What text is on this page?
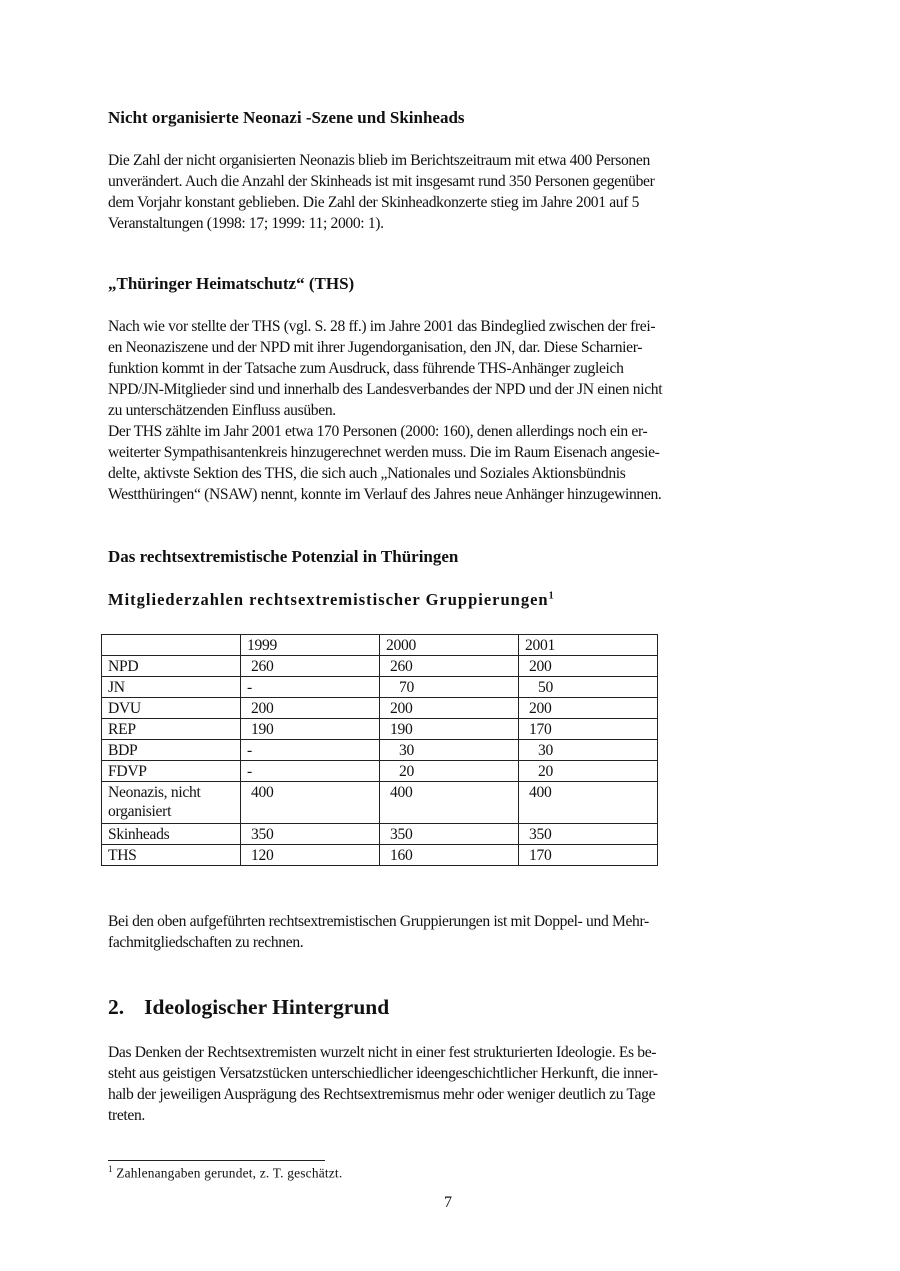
Nicht organisierte Neonazi -Szene und Skinheads
Die Zahl der nicht organisierten Neonazis blieb im Berichtszeitraum mit etwa 400 Personen
unverändert. Auch die Anzahl der Skinheads ist mit insgesamt rund 350 Personen gegenüber
dem Vorjahr konstant geblieben. Die Zahl der Skinheadkonzerte stieg im Jahre 2001 auf 5
Veranstaltungen (1998: 17; 1999: 11; 2000: 1).
„Thüringer Heimatschutz“ (THS)
Nach wie vor stellte der THS (vgl. S. 28 ff.) im Jahre 2001 das Bindeglied zwischen der frei-
en Neonaziszene und der NPD mit ihrer Jugendorganisation, den JN, dar. Diese Scharnier-
funktion kommt in der Tatsache zum Ausdruck, dass führende THS-Anhänger zugleich
NPD/JN-Mitglieder sind und innerhalb des Landesverbandes der NPD und der JN einen nicht
zu unterschätzenden Einfluss ausüben.
Der THS zählte im Jahr 2001 etwa 170 Personen (2000: 160), denen allerdings noch ein er-
weiterter Sympathisantenkreis hinzugerechnet werden muss. Die im Raum Eisenach angesie-
delte, aktivste Sektion des THS, die sich auch „Nationales und Soziales Aktionsbündnis
Westthüringen“ (NSAW) nennt, konnte im Verlauf des Jahres neue Anhänger hinzugewinnen.
Das rechtsextremistische Potenzial in Thüringen
Mitgliederzahlen rechtsextremistischer Gruppierungen$^1$
	1999	2000	2001
NPD	260	260	200
JN	-	70	50
DVU	200	200	200
REP	190	190	170
BDP	-	30	30
FDVP	-	20	20
Neonazis, nicht organisiert	400	400	400
Skinheads	350	350	350
THS	120	160	170
Bei den oben aufgeführten rechtsextremistischen Gruppierungen ist mit Doppel- und Mehr-
fachmitgliedschaften zu rechnen.
2. Ideologischer Hintergrund
Das Denken der Rechtsextremisten wurzelt nicht in einer fest strukturierten Ideologie. Es be-
steht aus geistigen Versatzstücken unterschiedlicher ideengeschichtlicher Herkunft, die inner-
halb der jeweiligen Ausprägung des Rechtsextremismus mehr oder weniger deutlich zu Tage
treten.
$^1$ Zahlenangaben gerundet, z. T. geschätzt.
7
